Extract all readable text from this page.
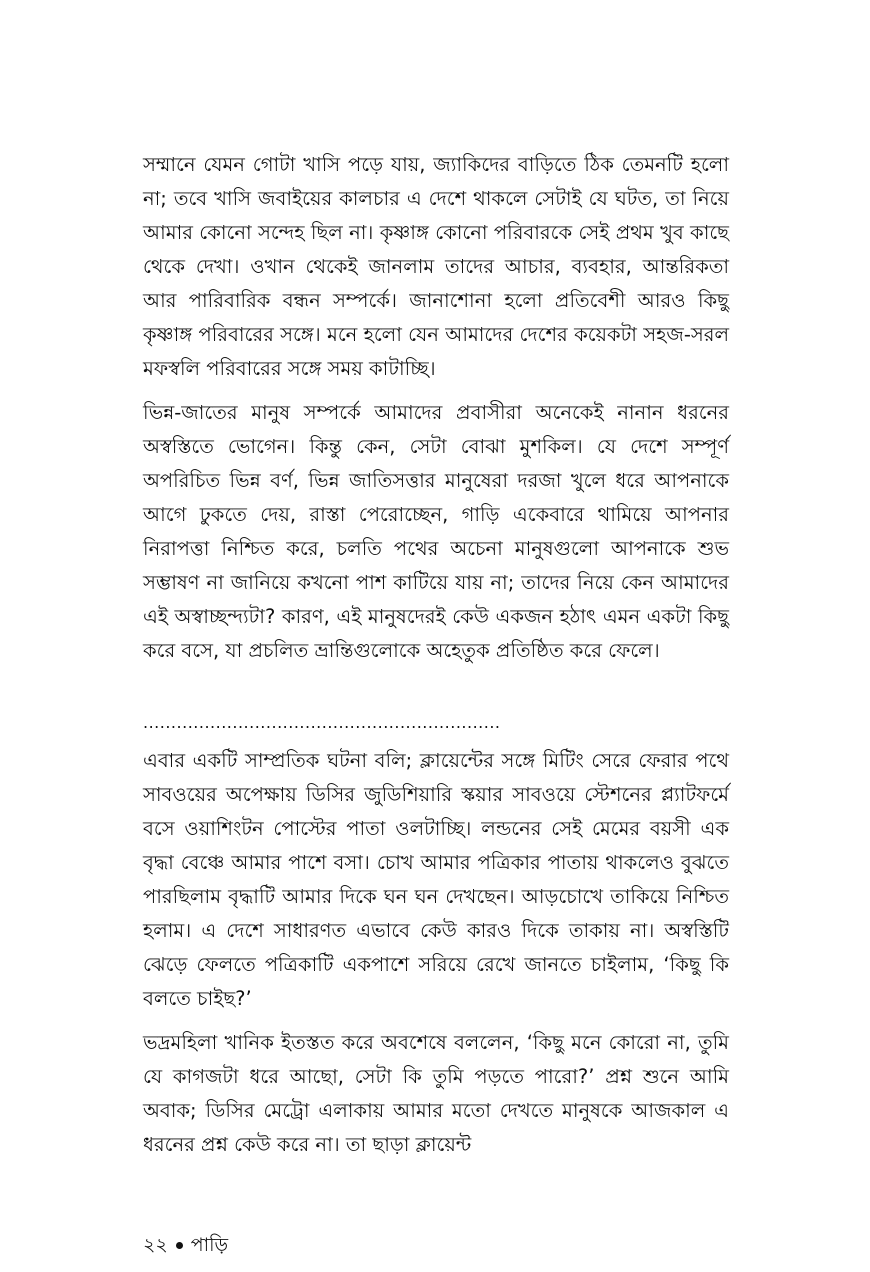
সম্মানে যেমন গোটা খাসি পড়ে যায়, জ্যাকিদের বাড়িতে ঠিক তেমনটি হলো না; তবে খাসি জবাইয়ের কালচার এ দেশে থাকলে সেটাই যে ঘটত, তা নিয়ে আমার কোনো সন্দেহ ছিল না। কৃষ্ণাঙ্গ কোনো পরিবারকে সেই প্রথম খুব কাছে থেকে দেখা। ওখান থেকেই জানলাম তাদের আচার, ব্যবহার, আন্তরিকতা আর পারিবারিক বন্ধন সম্পর্কে। জানাশোনা হলো প্রতিবেশী আরও কিছু কৃষ্ণাঙ্গ পরিবারের সঙ্গে। মনে হলো যেন আমাদের দেশের কয়েকটা সহজ-সরল মফস্বলি পরিবারের সঙ্গে সময় কাটাচ্ছি।

ভিন্ন-জাতের মানুষ সম্পর্কে আমাদের প্রবাসীরা অনেকেই নানান ধরনের অস্বস্তিতে ভোগেন। কিন্তু কেন, সেটা বোঝা মুশকিল। যে দেশে সম্পূর্ণ অপরিচিত ভিন্ন বর্ণ, ভিন্ন জাতিসত্তার মানুষেরা দরজা খুলে ধরে আপনাকে আগে ঢুকতে দেয়, রাস্তা পেরোচ্ছেন, গাড়ি একেবারে থামিয়ে আপনার নিরাপত্তা নিশ্চিত করে, চলতি পথের অচেনা মানুষগুলো আপনাকে শুভ সম্ভাষণ না জানিয়ে কখনো পাশ কাটিয়ে যায় না; তাদের নিয়ে কেন আমাদের এই অস্বাচ্ছন্দ্যটা? কারণ, এই মানুষদেরই কেউ একজন হঠাৎ এমন একটা কিছু করে বসে, যা প্রচলিত ভ্রান্তিগুলোকে অহেতুক প্রতিষ্ঠিত করে ফেলে।

................................................................

এবার একটি সাম্প্রতিক ঘটনা বলি; ক্লায়েন্টের সঙ্গে মিটিং সেরে ফেরার পথে সাবওয়ের অপেক্ষায় ডিসির জুডিশিয়ারি স্কয়ার সাবওয়ে স্টেশনের প্ল্যাটফর্মে বসে ওয়াশিংটন পোস্টের পাতা ওলটাচ্ছি। লন্ডনের সেই মেমের বয়সী এক বৃদ্ধা বেঞ্চে আমার পাশে বসা। চোখ আমার পত্রিকার পাতায় থাকলেও বুঝতে পারছিলাম বৃদ্ধাটি আমার দিকে ঘন ঘন দেখছেন। আড়চোখে তাকিয়ে নিশ্চিত হলাম। এ দেশে সাধারণত এভাবে কেউ কারও দিকে তাকায় না। অস্বস্তিটি ঝেড়ে ফেলতে পত্রিকাটি একপাশে সরিয়ে রেখে জানতে চাইলাম, ‘কিছু কি বলতে চাইছ?’

ভদ্রমহিলা খানিক ইতস্তত করে অবশেষে বললেন, ‘কিছু মনে কোরো না, তুমি যে কাগজটা ধরে আছো, সেটা কি তুমি পড়তে পারো?’ প্রশ্ন শুনে আমি অবাক; ডিসির মেট্রো এলাকায় আমার মতো দেখতে মানুষকে আজকাল এ ধরনের প্রশ্ন কেউ করে না। তা ছাড়া ক্লায়েন্ট

২২ পাড়ি
